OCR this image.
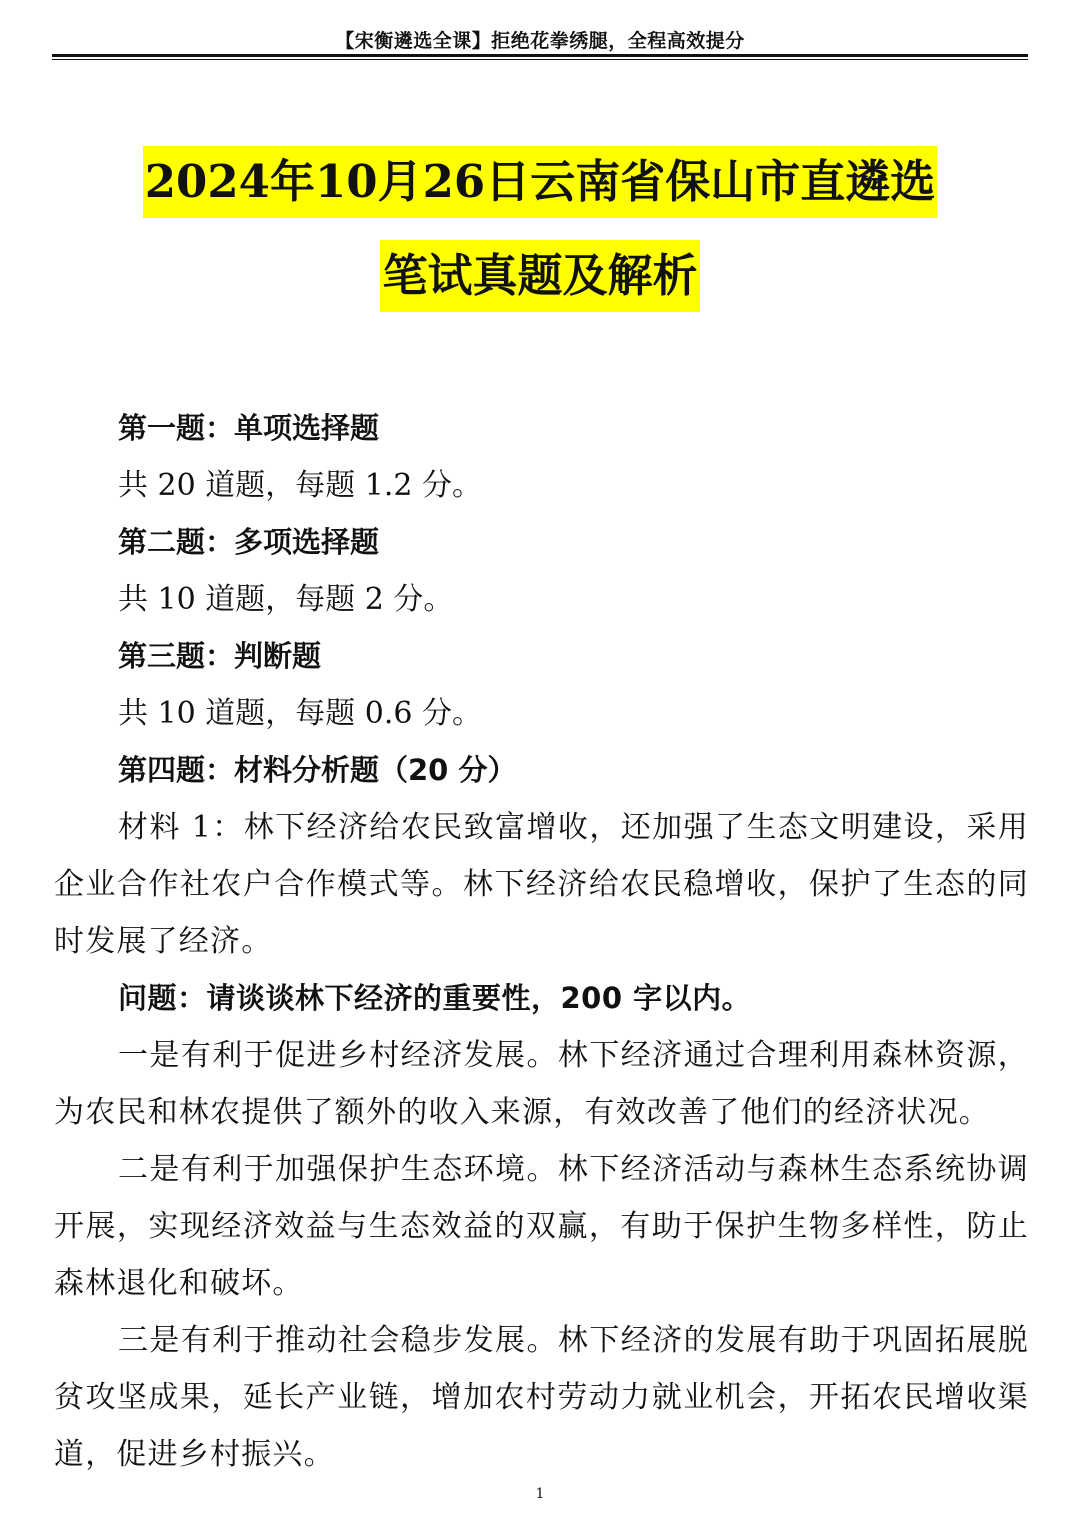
【宋衡遴选全课】拒绝花拳绣腿，全程高效提分
2024年10月26日云南省保山市直遴选
笔试真题及解析
第一题：单项选择题
共 20 道题，每题 1.2 分。
第二题：多项选择题
共 10 道题，每题 2 分。
第三题：判断题
共 10 道题，每题 0.6 分。
第四题：材料分析题（20 分）

材料 1：林下经济给农民致富增收，还加强了生态文明建设，采用企业合作社农户合作模式等。林下经济给农民稳增收，保护了生态的同时发展了经济。

问题：请谈谈林下经济的重要性，200 字以内。

一是有利于促进乡村经济发展。林下经济通过合理利用森林资源，为农民和林农提供了额外的收入来源，有效改善了他们的经济状况。

二是有利于加强保护生态环境。林下经济活动与森林生态系统协调开展，实现经济效益与生态效益的双赢，有助于保护生物多样性，防止森林退化和破坏。

三是有利于推动社会稳步发展。林下经济的发展有助于巩固拓展脱贫攻坚成果，延长产业链，增加农村劳动力就业机会，开拓农民增收渠道，促进乡村振兴。

1
